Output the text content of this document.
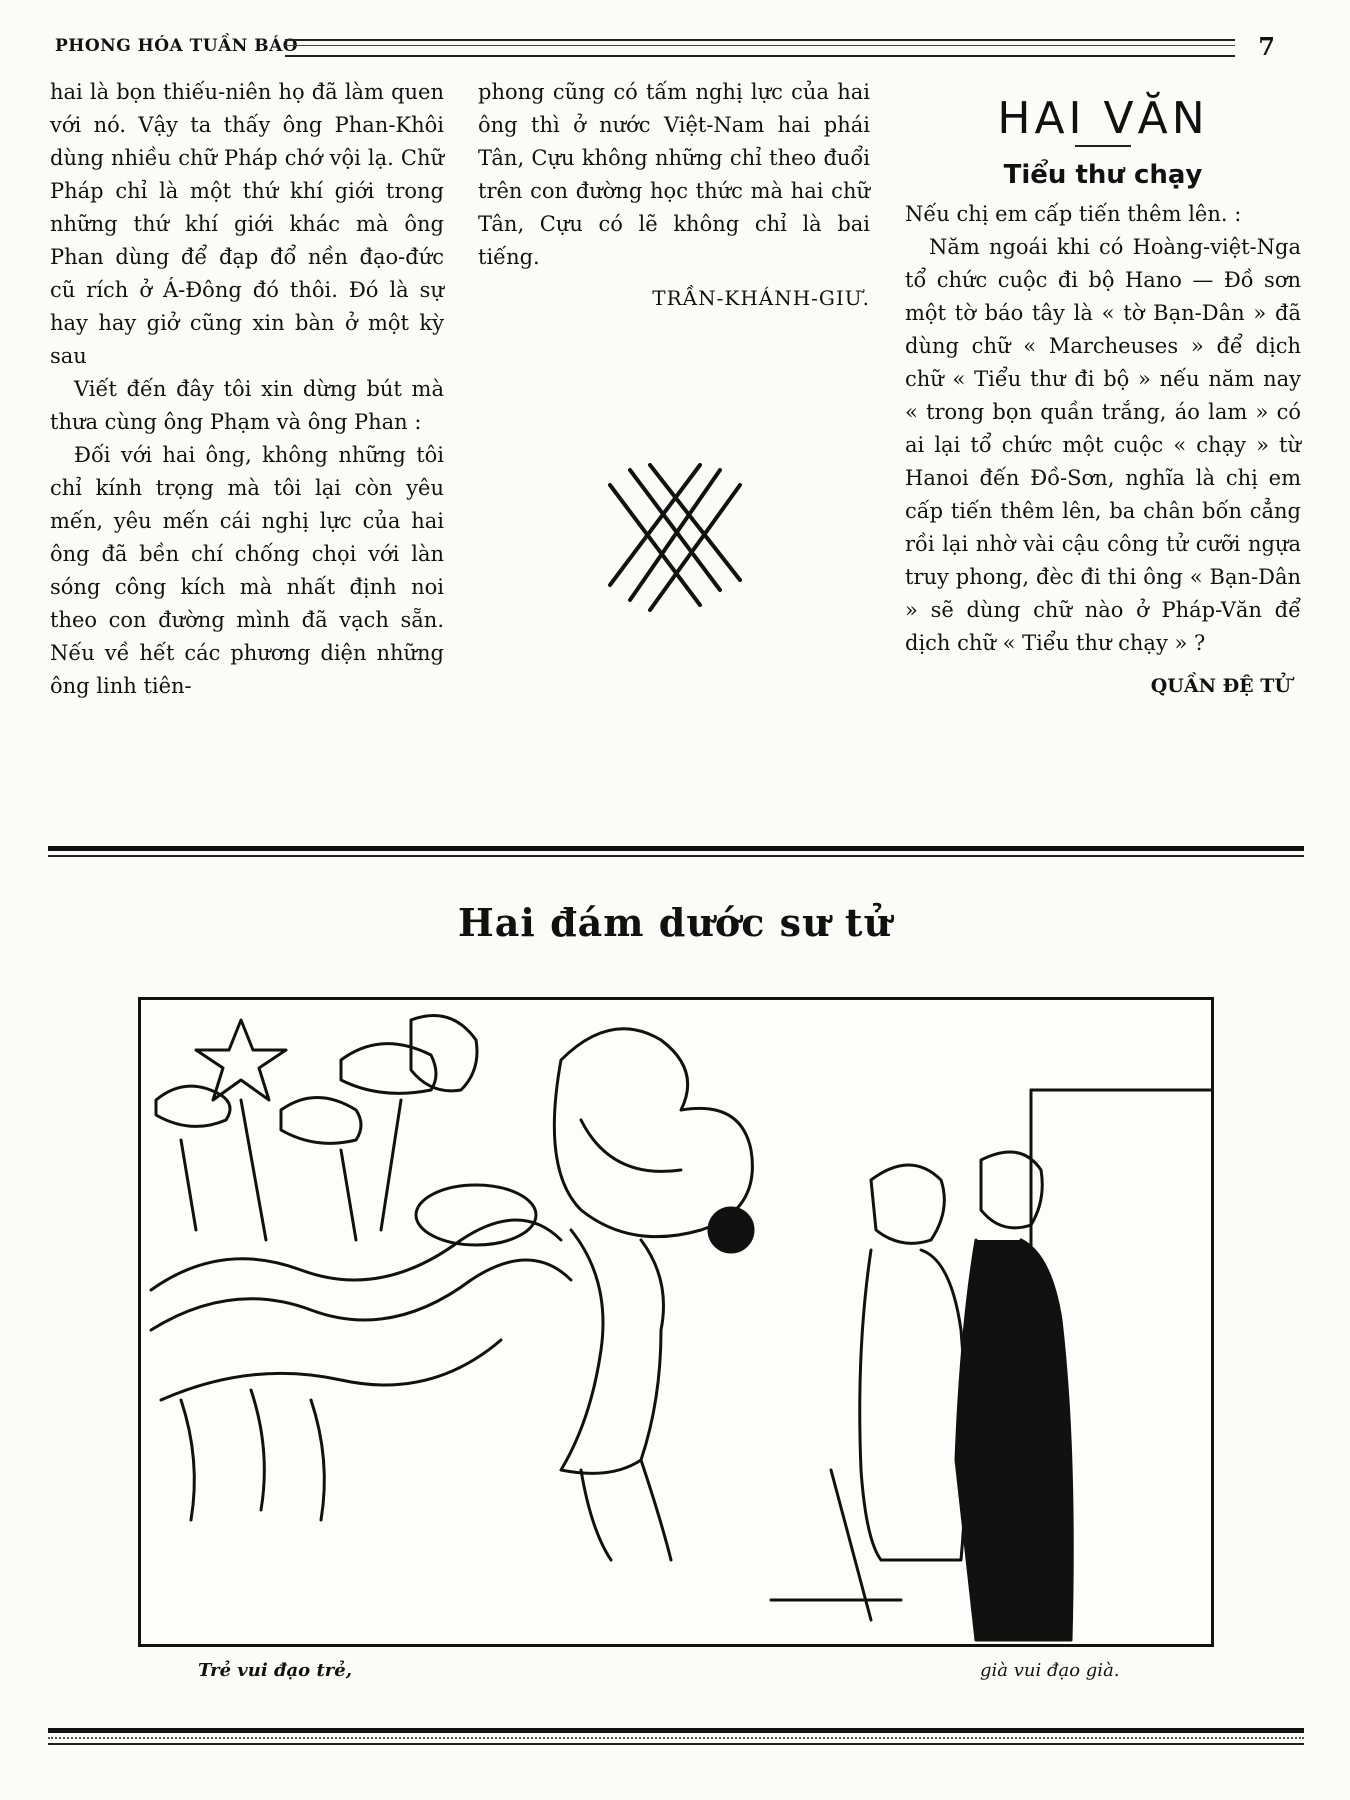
PHONG HÓA TUẦN BÁO	7

hai là bọn thiếu-niên họ đã làm quen với nó. Vậy ta thấy ông Phan-Khôi dùng nhiều chữ Pháp chớ vội lạ. Chữ Pháp chỉ là một thứ khí giới trong những thứ khí giới khác mà ông Phan dùng để đạp đổ nền đạo-đức cũ rích ở Á-Đông đó thôi. Đó là sự hay hay giở cũng xin bàn ở một kỳ sau

Viết đến đây tôi xin dừng bút mà thưa cùng ông Phạm và ông Phan :

Đối với hai ông, không những tôi chỉ kính trọng mà tôi lại còn yêu mến, yêu mến cái nghị lực của hai ông đã bền chí chống chọi với làn sóng công kích mà nhất định noi theo con đường mình đã vạch sẵn. Nếu về hết các phương diện những ông linh tiên-

phong cũng có tấm nghị lực của hai ông thì ở nước Việt-Nam hai phái Tân, Cựu không những chỉ theo đuổi trên con đường học thức mà hai chữ Tân, Cựu có lẽ không chỉ là bai tiếng.

TRẦN-KHÁNH-GIƯ.
HAI VĂN
Tiểu thư chạy

Nếu chị em cấp tiến thêm lên. :

Năm ngoái khi có Hoàng-việt-Nga tổ chức cuộc đi bộ Hano — Đồ sơn một tờ báo tây là « tờ Bạn-Dân » đã dùng chữ « Marcheuses » để dịch chữ « Tiểu thư đi bộ » nếu năm nay « trong bọn quần trắng, áo lam » có ai lại tổ chức một cuộc « chạy » từ Hanoi đến Đồ-Sơn, nghĩa là chị em cấp tiến thêm lên, ba chân bốn cẳng rồi lại nhờ vài cậu công tử cưỡi ngựa truy phong, đèc đi thi ông « Bạn-Dân » sẽ dùng chữ nào ở Pháp-Văn để dịch chữ « Tiểu thư chạy » ?

QUẦN ĐỆ TỬ
Hai đám dước sư tử
Trẻ vui đạo trẻ,	già vui đạo già.
